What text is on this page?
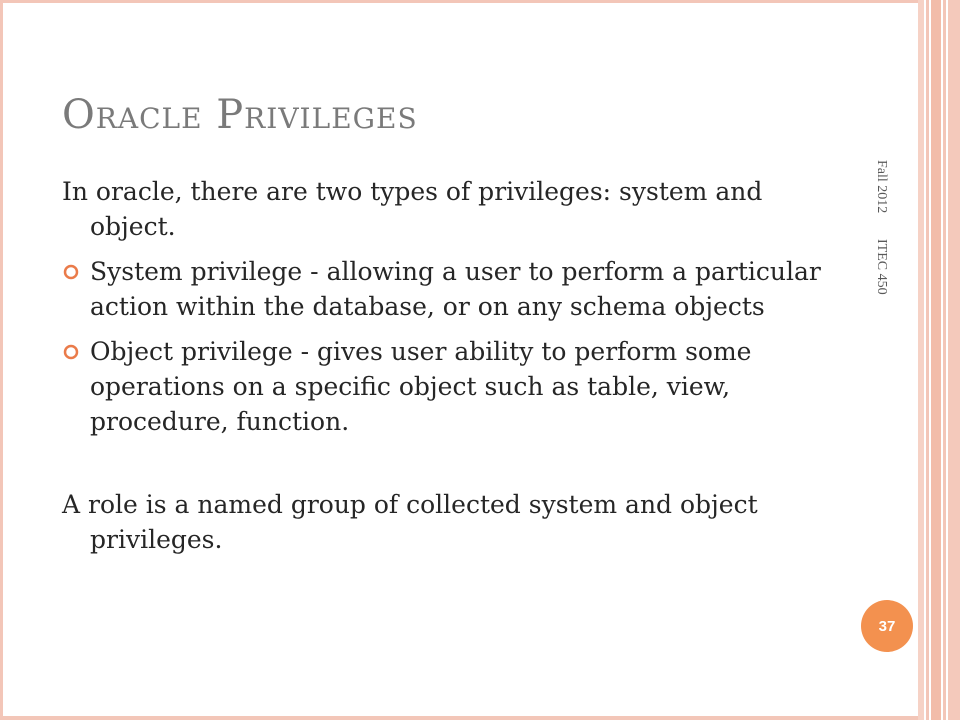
Oracle Privileges

In oracle, there are two types of privileges: system and object.

System privilege - allowing a user to perform a particular action within the database, or on any schema objects
Object privilege - gives user ability to perform some operations on a specific object such as table, view, procedure, function.

A role is a named group of collected system and object privileges.

Fall 2012 ITEC 450
37
